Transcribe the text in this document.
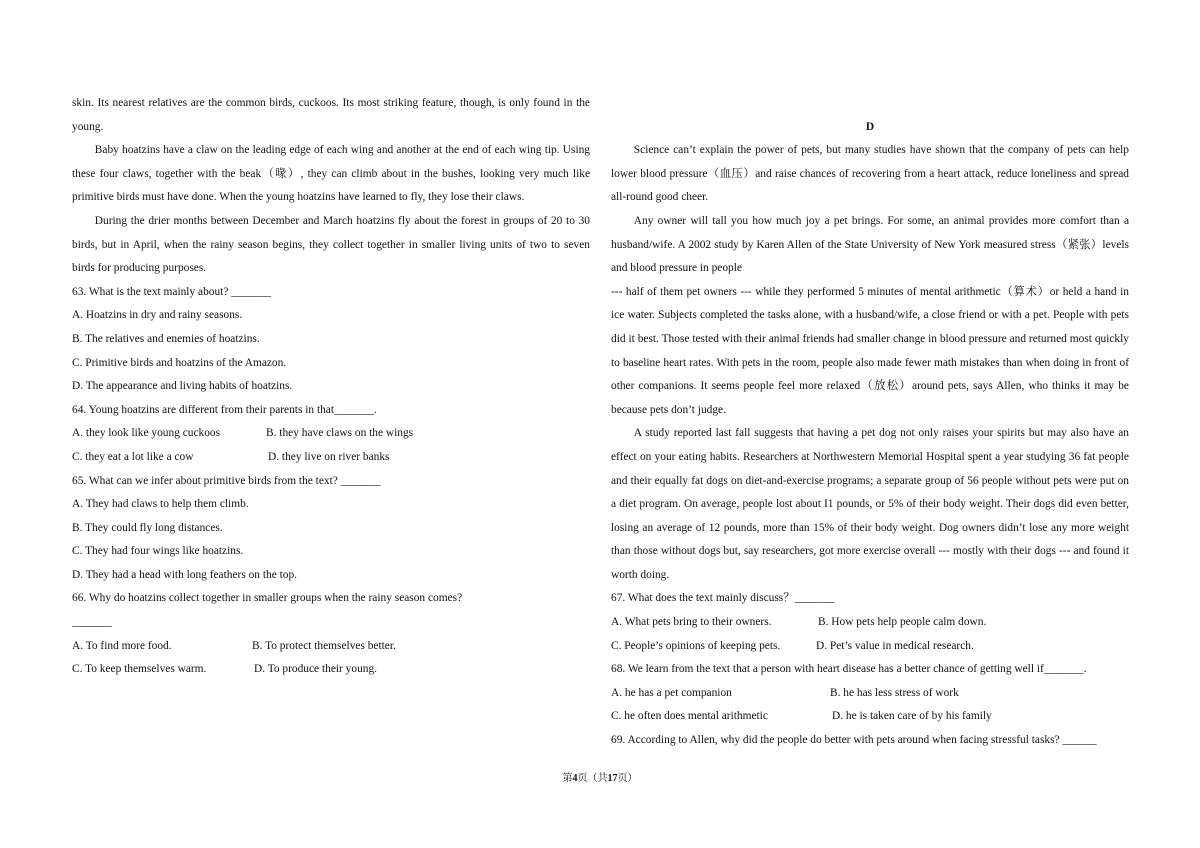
skin. Its nearest relatives are the common birds, cuckoos. Its most striking feature, though, is only found in the young.

Baby hoatzins have a claw on the leading edge of each wing and another at the end of each wing tip. Using these four claws, together with the beak（喙）, they can climb about in the bushes, looking very much like primitive birds must have done. When the young hoatzins have learned to fly, they lose their claws.

During the drier months between December and March hoatzins fly about the forest in groups of 20 to 30 birds, but in April, when the rainy season begins, they collect together in smaller living units of two to seven birds for producing purposes.

63. What is the text mainly about? _______
A. Hoatzins in dry and rainy seasons.
B. The relatives and enemies of hoatzins.
C. Primitive birds and hoatzins of the Amazon.
D. The appearance and living habits of hoatzins.
64. Young hoatzins are different from their parents in that_______.
A. they look like young cuckoos	B. they have claws on the wings
C. they eat a lot like a cow	D. they live on river banks
65. What can we infer about primitive birds from the text? _______
A. They had claws to help them climb.
B. They could fly long distances.
C. They had four wings like hoatzins.
D. They had a head with long feathers on the top.
66. Why do hoatzins collect together in smaller groups when the rainy season comes?
_______
A. To find more food.	B. To protect themselves better.
C. To keep themselves warm.	D. To produce their young.
D

Science can’t explain the power of pets, but many studies have shown that the company of pets can help lower blood pressure（血压）and raise chances of recovering from a heart attack, reduce loneliness and spread all-round good cheer.

Any owner will tall you how much joy a pet brings. For some, an animal provides more comfort than a husband/wife. A 2002 study by Karen Allen of the State University of New York measured stress（紧张）levels and blood pressure in people

--- half of them pet owners --- while they performed 5 minutes of mental arithmetic（算术）or held a hand in ice water. Subjects completed the tasks alone, with a husband/wife, a close friend or with a pet. People with pets did it best. Those tested with their animal friends had smaller change in blood pressure and returned most quickly to baseline heart rates. With pets in the room, people also made fewer math mistakes than when doing in front of other companions. It seems people feel more relaxed（放松）around pets, says Allen, who thinks it may be because pets don’t judge.

A study reported last fall suggests that having a pet dog not only raises your spirits but may also have an effect on your eating habits. Researchers at Northwestern Memorial Hospital spent a year studying 36 fat people and their equally fat dogs on diet-and-exercise programs; a separate group of 56 people without pets were put on a diet program. On average, people lost about I1 pounds, or 5% of their body weight. Their dogs did even better, losing an average of 12 pounds, more than 15% of their body weight. Dog owners didn’t lose any more weight than those without dogs but, say researchers, got more exercise overall --- mostly with their dogs --- and found it worth doing.

67. What does the text mainly discuss？_______
A. What pets bring to their owners.	B. How pets help people calm down.
C. People’s opinions of keeping pets.	D. Pet’s value in medical research.
68. We learn from the text that a person with heart disease has a better chance of getting well if_______.
A. he has a pet companion	B. he has less stress of work
C. he often does mental arithmetic	D. he is taken care of by his family
69. According to Allen, why did the people do better with pets around when facing stressful tasks? ______
第4页（共17页）
